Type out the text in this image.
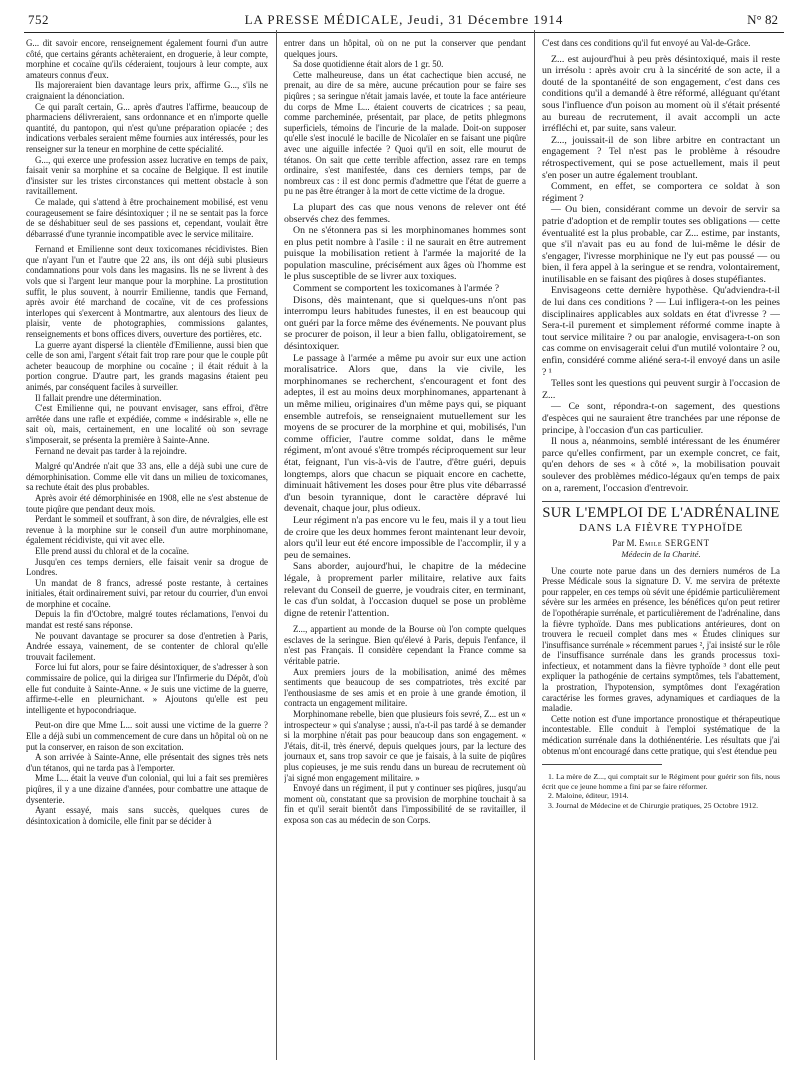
752	LA PRESSE MÉDICALE, Jeudi, 31 Décembre 1914	N° 82

G... dit savoir encore, renseignement également fourni d'un autre côté, que certains gérants achèteraient, en droguerie, à leur compte, morphine et cocaïne qu'ils céderaient, toujours à leur compte, aux amateurs connus d'eux.

Ils majoreraient bien davantage leurs prix, affirme G..., s'ils ne craignaient la dénonciation.

Ce qui paraît certain, G... après d'autres l'affirme, beaucoup de pharmaciens délivreraient, sans ordonnance et en n'importe quelle quantité, du pantopon, qui n'est qu'une préparation opiacée ; des indications verbales seraient même fournies aux intéressés, pour les renseigner sur la teneur en morphine de cette spécialité.

G..., qui exerce une profession assez lucrative en temps de paix, faisait venir sa morphine et sa cocaïne de Belgique. Il est inutile d'insister sur les tristes circonstances qui mettent obstacle à son ravitaillement.

Ce malade, qui s'attend à être prochainement mobilisé, est venu courageusement se faire désintoxiquer ; il ne se sentait pas la force de se déshabituer seul de ses passions et, cependant, voulait être débarrassé d'une tyrannie incompatible avec le service militaire.

Fernand et Emilienne sont deux toxicomanes récidivistes. Bien que n'ayant l'un et l'autre que 22 ans, ils ont déjà subi plusieurs condamnations pour vols dans les magasins. Ils ne se livrent à des vols que si l'argent leur manque pour la morphine. La prostitution suffit, le plus souvent, à nourrir Emilienne, tandis que Fernand, après avoir été marchand de cocaïne, vit de ces professions interlopes qui s'exercent à Montmartre, aux alentours des lieux de plaisir, vente de photographies, commissions galantes, renseignements et bons offices divers, ouverture des portières, etc.

La guerre ayant dispersé la clientèle d'Emilienne, aussi bien que celle de son ami, l'argent s'était fait trop rare pour que le couple pût acheter beaucoup de morphine ou cocaïne ; il était réduit à la portion congrue. D'autre part, les grands magasins étaient peu animés, par conséquent faciles à surveiller.

Il fallait prendre une détermination.

C'est Emilienne qui, ne pouvant envisager, sans effroi, d'être arrêtée dans une rafle et expédiée, comme « indésirable », elle ne sait où, mais, certainement, en une localité où son sevrage s'imposerait, se présenta la première à Sainte-Anne.

Fernand ne devait pas tarder à la rejoindre.

Malgré qu'Andrée n'ait que 33 ans, elle a déjà subi une cure de démorphinisation. Comme elle vit dans un milieu de toxicomanes, sa rechute était des plus probables.

Après avoir été démorphinisée en 1908, elle ne s'est abstenue de toute piqûre que pendant deux mois.

Perdant le sommeil et souffrant, à son dire, de névralgies, elle est revenue à la morphine sur le conseil d'un autre morphinomane, également récidiviste, qui vit avec elle.

Elle prend aussi du chloral et de la cocaïne.

Jusqu'en ces temps derniers, elle faisait venir sa drogue de Londres.

Un mandat de 8 francs, adressé poste restante, à certaines initiales, était ordinairement suivi, par retour du courrier, d'un envoi de morphine et cocaïne.

Depuis la fin d'Octobre, malgré toutes réclamations, l'envoi du mandat est resté sans réponse.

Ne pouvant davantage se procurer sa dose d'entretien à Paris, Andrée essaya, vainement, de se contenter de chloral qu'elle trouvait facilement.

Force lui fut alors, pour se faire désintoxiquer, de s'adresser à son commissaire de police, qui la dirigea sur l'Infirmerie du Dépôt, d'où elle fut conduite à Sainte-Anne. « Je suis une victime de la guerre, affirme-t-elle en pleurnichant. » Ajoutons qu'elle est peu intelligente et hypocondriaque.

Peut-on dire que Mme L... soit aussi une victime de la guerre ? Elle a déjà subi un commencement de cure dans un hôpital où on ne put la conserver, en raison de son excitation.

A son arrivée à Sainte-Anne, elle présentait des signes très nets d'un tétanos, qui ne tarda pas à l'emporter.

Mme L... était la veuve d'un colonial, qui lui a fait ses premières piqûres, il y a une dizaine d'années, pour combattre une attaque de dysenterie.

Ayant essayé, mais sans succès, quelques cures de désintoxication à domicile, elle finit par se décider à

entrer dans un hôpital, où on ne put la conserver que pendant quelques jours.

Sa dose quotidienne était alors de 1 gr. 50.

Cette malheureuse, dans un état cachectique bien accusé, ne prenait, au dire de sa mère, aucune précaution pour se faire ses piqûres ; sa seringue n'était jamais lavée, et toute la face antérieure du corps de Mme L... étaient couverts de cicatrices ; sa peau, comme parcheminée, présentait, par place, de petits phlegmons superficiels, témoins de l'incurie de la malade. Doit-on supposer qu'elle s'est inoculé le bacille de Nicolaïer en se faisant une piqûre avec une aiguille infectée ? Quoi qu'il en soit, elle mourut de tétanos. On sait que cette terrible affection, assez rare en temps ordinaire, s'est manifestée, dans ces derniers temps, par de nombreux cas : il est donc permis d'admettre que l'état de guerre a pu ne pas être étranger à la mort de cette victime de la drogue.

La plupart des cas que nous venons de relever ont été observés chez des femmes.

On ne s'étonnera pas si les morphinomanes hommes sont en plus petit nombre à l'asile : il ne saurait en être autrement puisque la mobilisation retient à l'armée la majorité de la population masculine, précisément aux âges où l'homme est le plus susceptible de se livrer aux toxiques.

Comment se comportent les toxicomanes à l'armée ?

Disons, dès maintenant, que si quelques-uns n'ont pas interrompu leurs habitudes funestes, il en est beaucoup qui ont guéri par la force même des événements. Ne pouvant plus se procurer de poison, il leur a bien fallu, obligatoirement, se désintoxiquer.

Le passage à l'armée a même pu avoir sur eux une action moralisatrice. Alors que, dans la vie civile, les morphinomanes se recherchent, s'encouragent et font des adeptes, il est au moins deux morphinomanes, appartenant à un même milieu, originaires d'un même pays qui, se piquant ensemble autrefois, se renseignaient mutuellement sur les moyens de se procurer de la morphine et qui, mobilisés, l'un comme officier, l'autre comme soldat, dans le même régiment, m'ont avoué s'être trompés réciproquement sur leur état, feignant, l'un vis-à-vis de l'autre, d'être guéri, depuis longtemps, alors que chacun se piquait encore en cachette, diminuait hâtivement les doses pour être plus vite débarrassé d'un besoin tyrannique, dont le caractère dépravé lui devenait, chaque jour, plus odieux.

Leur régiment n'a pas encore vu le feu, mais il y a tout lieu de croire que les deux hommes feront maintenant leur devoir, alors qu'il leur eut été encore impossible de l'accomplir, il y a peu de semaines.

Sans aborder, aujourd'hui, le chapitre de la médecine légale, à proprement parler militaire, relative aux faits relevant du Conseil de guerre, je voudrais citer, en terminant, le cas d'un soldat, à l'occasion duquel se pose un problème digne de retenir l'attention.

Z..., appartient au monde de la Bourse où l'on compte quelques esclaves de la seringue. Bien qu'élevé à Paris, depuis l'enfance, il n'est pas Français. Il considère cependant la France comme sa véritable patrie.

Aux premiers jours de la mobilisation, animé des mêmes sentiments que beaucoup de ses compatriotes, très excité par l'enthousiasme de ses amis et en proie à une grande émotion, il contracta un engagement militaire.

Morphinomane rebelle, bien que plusieurs fois sevré, Z... est un « introspecteur » qui s'analyse ; aussi, n'a-t-il pas tardé à se demander si la morphine n'était pas pour beaucoup dans son engagement. « J'étais, dit-il, très énervé, depuis quelques jours, par la lecture des journaux et, sans trop savoir ce que je faisais, à la suite de piqûres plus copieuses, je me suis rendu dans un bureau de recrutement où j'ai signé mon engagement militaire. »

Envoyé dans un régiment, il put y continuer ses piqûres, jusqu'au moment où, constatant que sa provision de morphine touchait à sa fin et qu'il serait bientôt dans l'impossibilité de se ravitailler, il exposa son cas au médecin de son Corps.

C'est dans ces conditions qu'il fut envoyé au Val-de-Grâce.

Z... est aujourd'hui à peu près désintoxiqué, mais il reste un irrésolu : après avoir cru à la sincérité de son acte, il a douté de la spontanéité de son engagement, c'est dans ces conditions qu'il a demandé à être réformé, alléguant qu'étant sous l'influence d'un poison au moment où il s'était présenté au bureau de recrutement, il avait accompli un acte irréfléchi et, par suite, sans valeur.

Z..., jouissait-il de son libre arbitre en contractant un engagement ? Tel n'est pas le problème à résoudre rétrospectivement, qui se pose actuellement, mais il peut s'en poser un autre également troublant.

Comment, en effet, se comportera ce soldat à son régiment ?

— Ou bien, considérant comme un devoir de servir sa patrie d'adoption et de remplir toutes ses obligations — cette éventualité est la plus probable, car Z... estime, par instants, que s'il n'avait pas eu au fond de lui-même le désir de s'engager, l'ivresse morphinique ne l'y eut pas poussé — ou bien, il fera appel à la seringue et se rendra, volontairement, inutilisable en se faisant des piqûres à doses stupéfiantes.

Envisageons cette dernière hypothèse. Qu'adviendra-t-il de lui dans ces conditions ? — Lui infligera-t-on les peines disciplinaires applicables aux soldats en état d'ivresse ? — Sera-t-il purement et simplement réformé comme inapte à tout service militaire ? ou par analogie, envisagera-t-on son cas comme on envisagerait celui d'un mutilé volontaire ? ou, enfin, considéré comme aliéné sera-t-il envoyé dans un asile ? ¹

Telles sont les questions qui peuvent surgir à l'occasion de Z...

— Ce sont, répondra-t-on sagement, des questions d'espèces qui ne sauraient être tranchées par une réponse de principe, à l'occasion d'un cas particulier.

Il nous a, néanmoins, semblé intéressant de les énumérer parce qu'elles confirment, par un exemple concret, ce fait, qu'en dehors de ses « à côté », la mobilisation pouvait soulever des problèmes médico-légaux qu'en temps de paix on a, rarement, l'occasion d'entrevoir.

SUR L'EMPLOI DE L'ADRÉNALINE
DANS LA FIÈVRE TYPHOÏDE
Par M. Emile SERGENT
Médecin de la Charité.

Une courte note parue dans un des derniers numéros de La Presse Médicale sous la signature D. V. me servira de prétexte pour rappeler, en ces temps où sévit une épidémie particulièrement sévère sur les armées en présence, les bénéfices qu'on peut retirer de l'opothérapie surrénale, et particulièrement de l'adrénaline, dans la fièvre typhoïde. Dans mes publications antérieures, dont on trouvera le recueil complet dans mes « Études cliniques sur l'insuffisance surrénale » récemment parues ², j'ai insisté sur le rôle de l'insuffisance surrénale dans les grands processus toxi-infectieux, et notamment dans la fièvre typhoïde ³ dont elle peut expliquer la pathogénie de certains symptômes, tels l'abattement, la prostration, l'hypotension, symptômes dont l'exagération caractérise les formes graves, adynamiques et cardiaques de la maladie.

Cette notion est d'une importance pronostique et thérapeutique incontestable. Elle conduit à l'emploi systématique de la médication surrénale dans la dothiénentérie. Les résultats que j'ai obtenus m'ont encouragé dans cette pratique, qui s'est étendue peu

1. La mère de Z..., qui comptait sur le Régiment pour guérir son fils, nous écrit que ce jeune homme a fini par se faire réformer.

2. Maloine, éditeur, 1914.

3. Journal de Médecine et de Chirurgie pratiques, 25 Octobre 1912.
